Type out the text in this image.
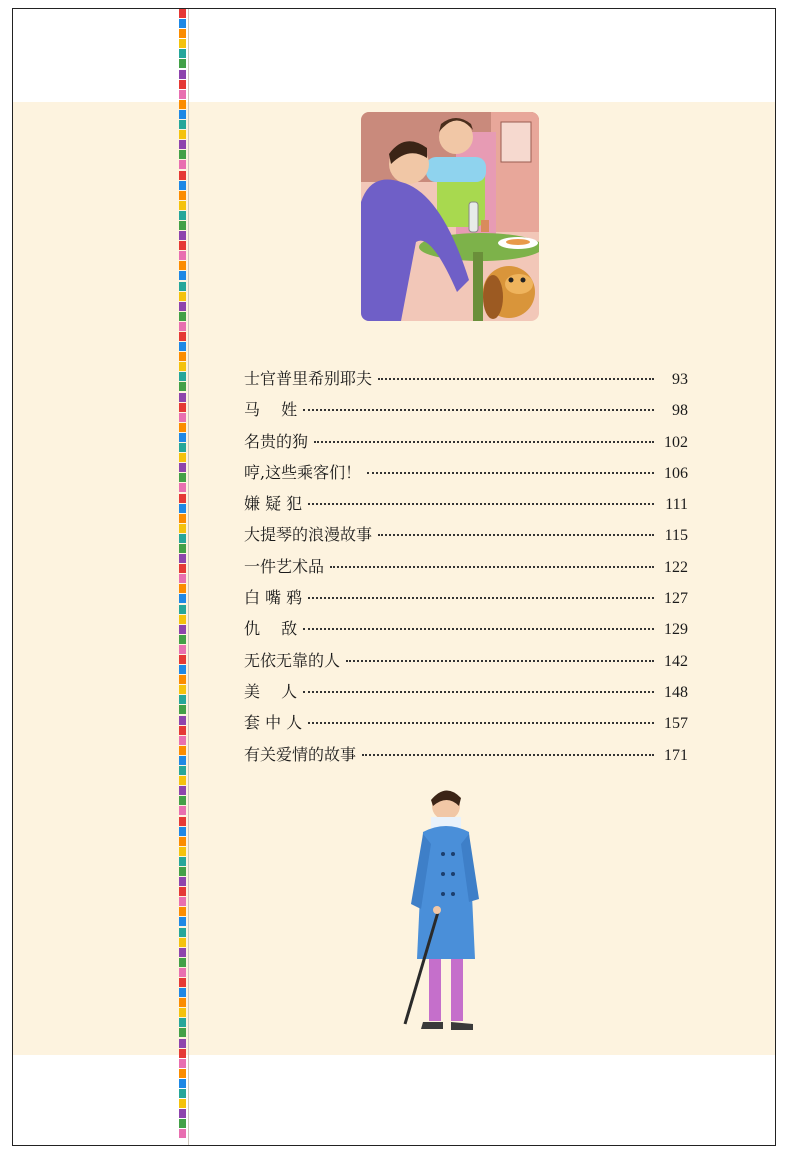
士官普里希别耶夫	93
马　 姓	98
名贵的狗	102
哼,这些乘客们！	106
嫌 疑 犯	111
大提琴的浪漫故事	115
一件艺术品	122
白 嘴 鸦	127
仇　 敌	129
无依无靠的人	142
美　 人	148
套 中 人	157
有关爱情的故事	171
